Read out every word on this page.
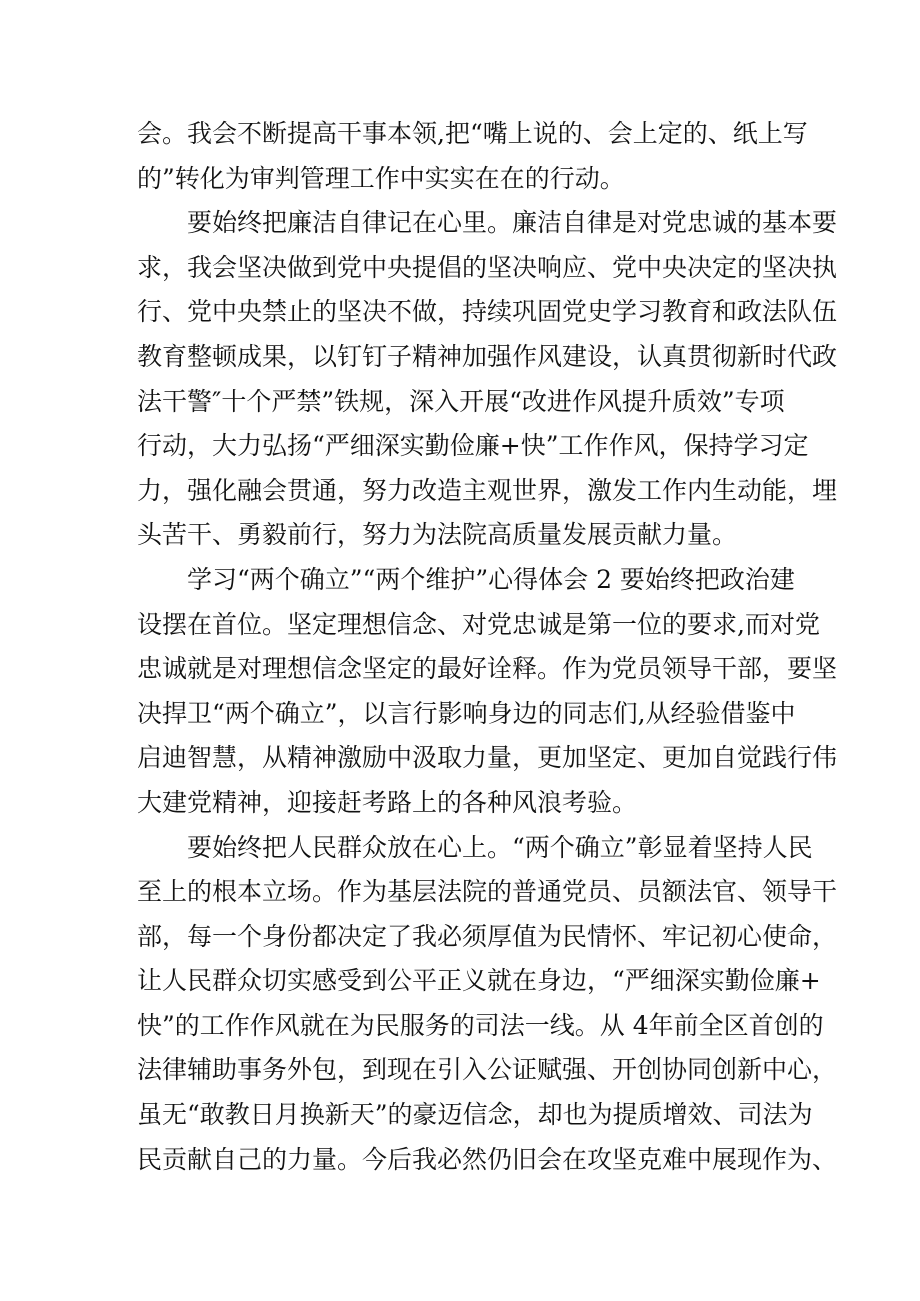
会。我会不断提高干事本领,把“嘴上说的、会上定的、纸上写
的”转化为审判管理工作中实实在在的行动。
要始终把廉洁自律记在心里。廉洁自律是对党忠诚的基本要
求，我会坚决做到党中央提倡的坚决响应、党中央决定的坚决执
行、党中央禁止的坚决不做，持续巩固党史学习教育和政法队伍
教育整顿成果，以钉钉子精神加强作风建设，认真贯彻新时代政
法干警″十个严禁”铁规，深入开展“改进作风提升质效”专项
行动，大力弘扬“严细深实勤俭廉+快”工作作风，保持学习定
力，强化融会贯通，努力改造主观世界，激发工作内生动能，埋
头苦干、勇毅前行，努力为法院高质量发展贡献力量。
学习“两个确立”“两个维护”心得体会 2 要始终把政治建
设摆在首位。坚定理想信念、对党忠诚是第一位的要求,而对党
忠诚就是对理想信念坚定的最好诠释。作为党员领导干部，要坚
决捍卫“两个确立”，以言行影响身边的同志们,从经验借鉴中
启迪智慧，从精神激励中汲取力量，更加坚定、更加自觉践行伟
大建党精神，迎接赶考路上的各种风浪考验。
要始终把人民群众放在心上。“两个确立”彰显着坚持人民
至上的根本立场。作为基层法院的普通党员、员额法官、领导干
部，每一个身份都决定了我必须厚值为民情怀、牢记初心使命，
让人民群众切实感受到公平正义就在身边，“严细深实勤俭廉+
快”的工作作风就在为民服务的司法一线。从 4年前全区首创的
法律辅助事务外包，到现在引入公证赋强、开创协同创新中心，
虽无“敢教日月换新天”的豪迈信念，却也为提质增效、司法为
民贡献自己的力量。今后我必然仍旧会在攻坚克难中展现作为、
